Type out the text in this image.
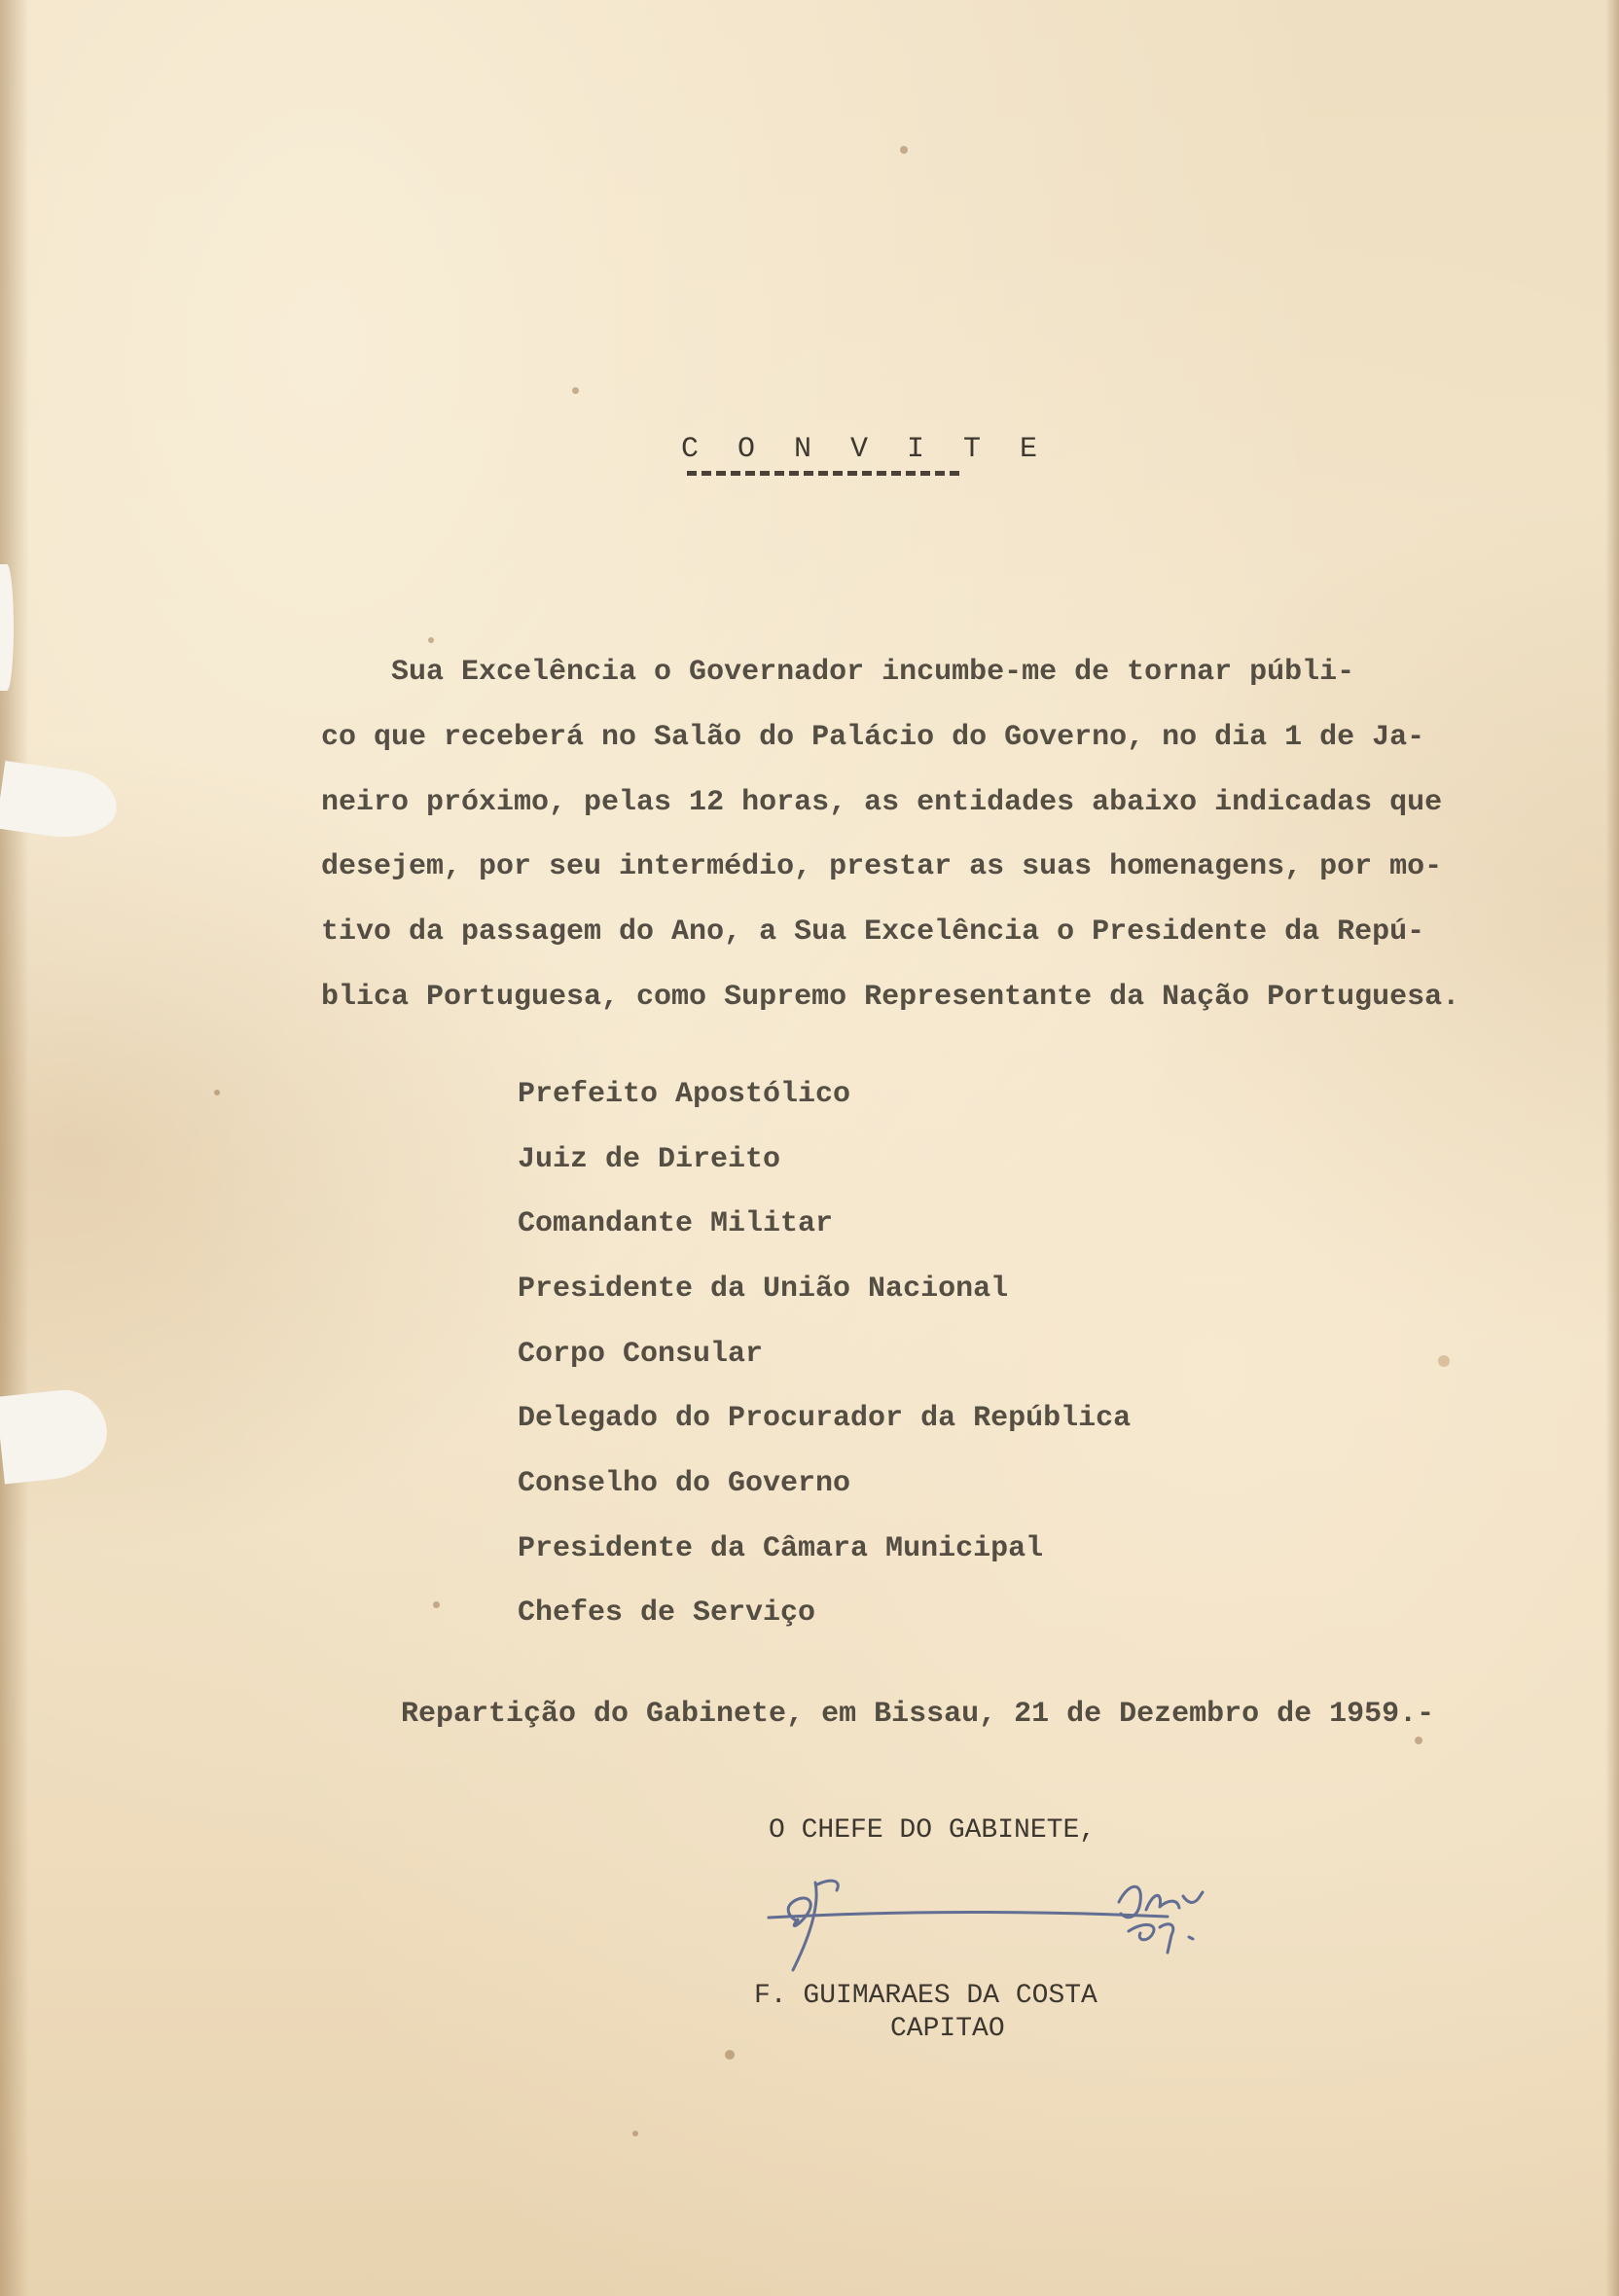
C O N V I T E
Sua Excelência o Governador incumbe-me de tornar públi-
co que receberá no Salão do Palácio do Governo, no dia 1 de Ja-
neiro próximo, pelas 12 horas, as entidades abaixo indicadas que
desejem, por seu intermédio, prestar as suas homenagens, por mo-
tivo da passagem do Ano, a Sua Excelência o Presidente da Repú-
blica Portuguesa, como Supremo Representante da Nação Portuguesa.
Prefeito Apostólico
Juiz de Direito
Comandante Militar
Presidente da União Nacional
Corpo Consular
Delegado do Procurador da República
Conselho do Governo
Presidente da Câmara Municipal
Chefes de Serviço
Repartição do Gabinete, em Bissau, 21 de Dezembro de 1959.-
O CHEFE DO GABINETE,
F. GUIMARAES DA COSTA
CAPITAO
